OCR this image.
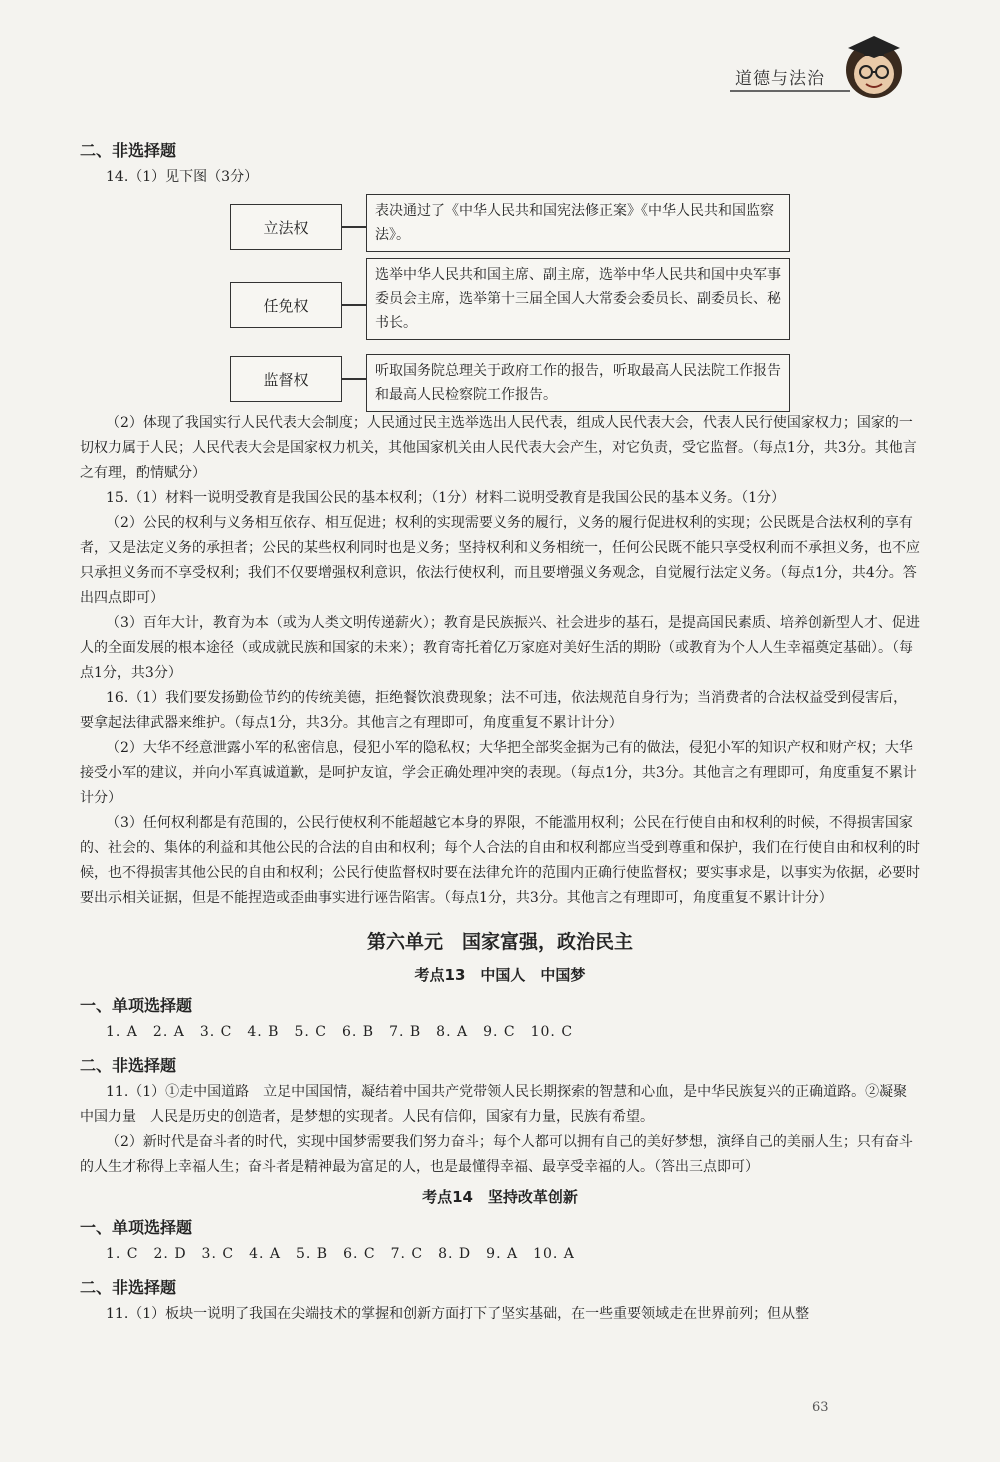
道德与法治
二、非选择题

14.（1）见下图（3分）

立法权
表决通过了《中华人民共和国宪法修正案》《中华人民共和国监察法》。
任免权
选举中华人民共和国主席、副主席，选举中华人民共和国中央军事委员会主席，选举第十三届全国人大常委会委员长、副委员长、秘书长。
监督权	听取国务院总理关于政府工作的报告，听取最高人民法院工作报告和最高人民检察院工作报告。

（2）体现了我国实行人民代表大会制度；人民通过民主选举选出人民代表，组成人民代表大会，代表人民行使国家权力；国家的一切权力属于人民；人民代表大会是国家权力机关，其他国家机关由人民代表大会产生，对它负责，受它监督。（每点1分，共3分。其他言之有理，酌情赋分）

15.（1）材料一说明受教育是我国公民的基本权利；（1分）材料二说明受教育是我国公民的基本义务。（1分）

（2）公民的权利与义务相互依存、相互促进；权利的实现需要义务的履行，义务的履行促进权利的实现；公民既是合法权利的享有者，又是法定义务的承担者；公民的某些权利同时也是义务；坚持权利和义务相统一，任何公民既不能只享受权利而不承担义务，也不应只承担义务而不享受权利；我们不仅要增强权利意识，依法行使权利，而且要增强义务观念，自觉履行法定义务。（每点1分，共4分。答出四点即可）

（3）百年大计，教育为本（或为人类文明传递薪火）；教育是民族振兴、社会进步的基石，是提高国民素质、培养创新型人才、促进人的全面发展的根本途径（或成就民族和国家的未来）；教育寄托着亿万家庭对美好生活的期盼（或教育为个人人生幸福奠定基础）。（每点1分，共3分）

16.（1）我们要发扬勤俭节约的传统美德，拒绝餐饮浪费现象；法不可违，依法规范自身行为；当消费者的合法权益受到侵害后，要拿起法律武器来维护。（每点1分，共3分。其他言之有理即可，角度重复不累计计分）

（2）大华不经意泄露小军的私密信息，侵犯小军的隐私权；大华把全部奖金据为己有的做法，侵犯小军的知识产权和财产权；大华接受小军的建议，并向小军真诚道歉，是呵护友谊，学会正确处理冲突的表现。（每点1分，共3分。其他言之有理即可，角度重复不累计计分）

（3）任何权利都是有范围的，公民行使权利不能超越它本身的界限，不能滥用权利；公民在行使自由和权利的时候，不得损害国家的、社会的、集体的利益和其他公民的合法的自由和权利；每个人合法的自由和权利都应当受到尊重和保护，我们在行使自由和权利的时候，也不得损害其他公民的自由和权利；公民行使监督权时要在法律允许的范围内正确行使监督权；要实事求是，以事实为依据，必要时要出示相关证据，但是不能捏造或歪曲事实进行诬告陷害。（每点1分，共3分。其他言之有理即可，角度重复不累计计分）

第六单元　国家富强，政治民主
考点13　中国人　中国梦
一、单项选择题
1. A　2. A　3. C　4. B　5. C　6. B　7. B　8. A　9. C　10. C
二、非选择题

11.（1）①走中国道路　立足中国国情，凝结着中国共产党带领人民长期探索的智慧和心血，是中华民族复兴的正确道路。②凝聚中国力量　人民是历史的创造者，是梦想的实现者。人民有信仰，国家有力量，民族有希望。

（2）新时代是奋斗者的时代，实现中国梦需要我们努力奋斗；每个人都可以拥有自己的美好梦想，演绎自己的美丽人生；只有奋斗的人生才称得上幸福人生；奋斗者是精神最为富足的人，也是最懂得幸福、最享受幸福的人。（答出三点即可）

考点14　坚持改革创新
一、单项选择题
1. C　2. D　3. C　4. A　5. B　6. C　7. C　8. D　9. A　10. A
二、非选择题

11.（1）板块一说明了我国在尖端技术的掌握和创新方面打下了坚实基础，在一些重要领域走在世界前列；但从整

63
